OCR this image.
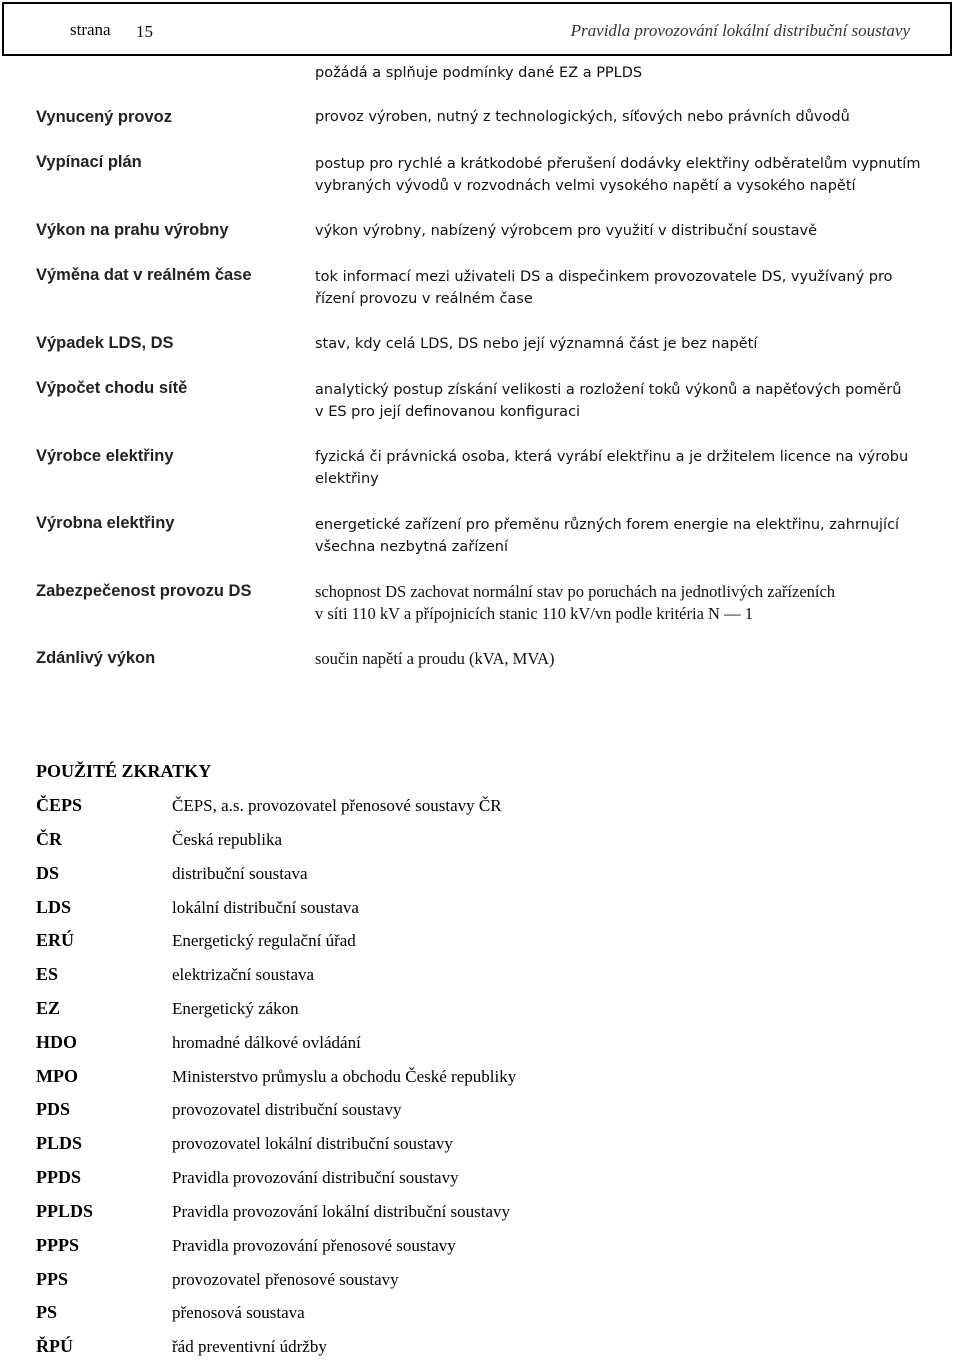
strana 15	Pravidla provozování lokální distribuční soustavy
požádá a splňuje podmínky dané EZ a PPLDS
Vynucený provoz	provoz výroben, nutný z technologických, síťových nebo právních důvodů
Vypínací plán	postup pro rychlé a krátkodobé přerušení dodávky elektřiny odběratelům vypnutím
vybraných vývodů v rozvodnách velmi vysokého napětí a vysokého napětí
Výkon na prahu výrobny	výkon výrobny, nabízený výrobcem pro využití v distribuční soustavě
Výměna dat v reálném čase	tok informací mezi uživateli DS a dispečinkem provozovatele DS, využívaný pro
řízení provozu v reálném čase
Výpadek LDS, DS	stav, kdy celá LDS, DS nebo její významná část je bez napětí
Výpočet chodu sítě	analytický postup získání velikosti a rozložení toků výkonů a napěťových poměrů
v ES pro její definovanou konfiguraci
Výrobce elektřiny	fyzická či právnická osoba, která vyrábí elektřinu a je držitelem licence na výrobu
elektřiny
Výrobna elektřiny	energetické zařízení pro přeměnu různých forem energie na elektřinu, zahrnující
všechna nezbytná zařízení
Zabezpečenost provozu DS	schopnost DS zachovat normální stav po poruchách na jednotlivých zařízeních
v síti 110 kV a přípojnicích stanic 110 kV/vn podle kritéria N — 1
Zdánlivý výkon	součin napětí a proudu (kVA, MVA)
POUŽITÉ ZKRATKY
ČEPS	ČEPS, a.s. provozovatel přenosové soustavy ČR
ČR	Česká republika
DS	distribuční soustava
LDS	lokální distribuční soustava
ERÚ	Energetický regulační úřad
ES	elektrizační soustava
EZ	Energetický zákon
HDO	hromadné dálkové ovládání
MPO	Ministerstvo průmyslu a obchodu České republiky
PDS	provozovatel distribuční soustavy
PLDS	provozovatel lokální distribuční soustavy
PPDS	Pravidla provozování distribuční soustavy
PPLDS	Pravidla provozování lokální distribuční soustavy
PPPS	Pravidla provozování přenosové soustavy
PPS	provozovatel přenosové soustavy
PS	přenosová soustava
ŘPÚ	řád preventivní údržby
